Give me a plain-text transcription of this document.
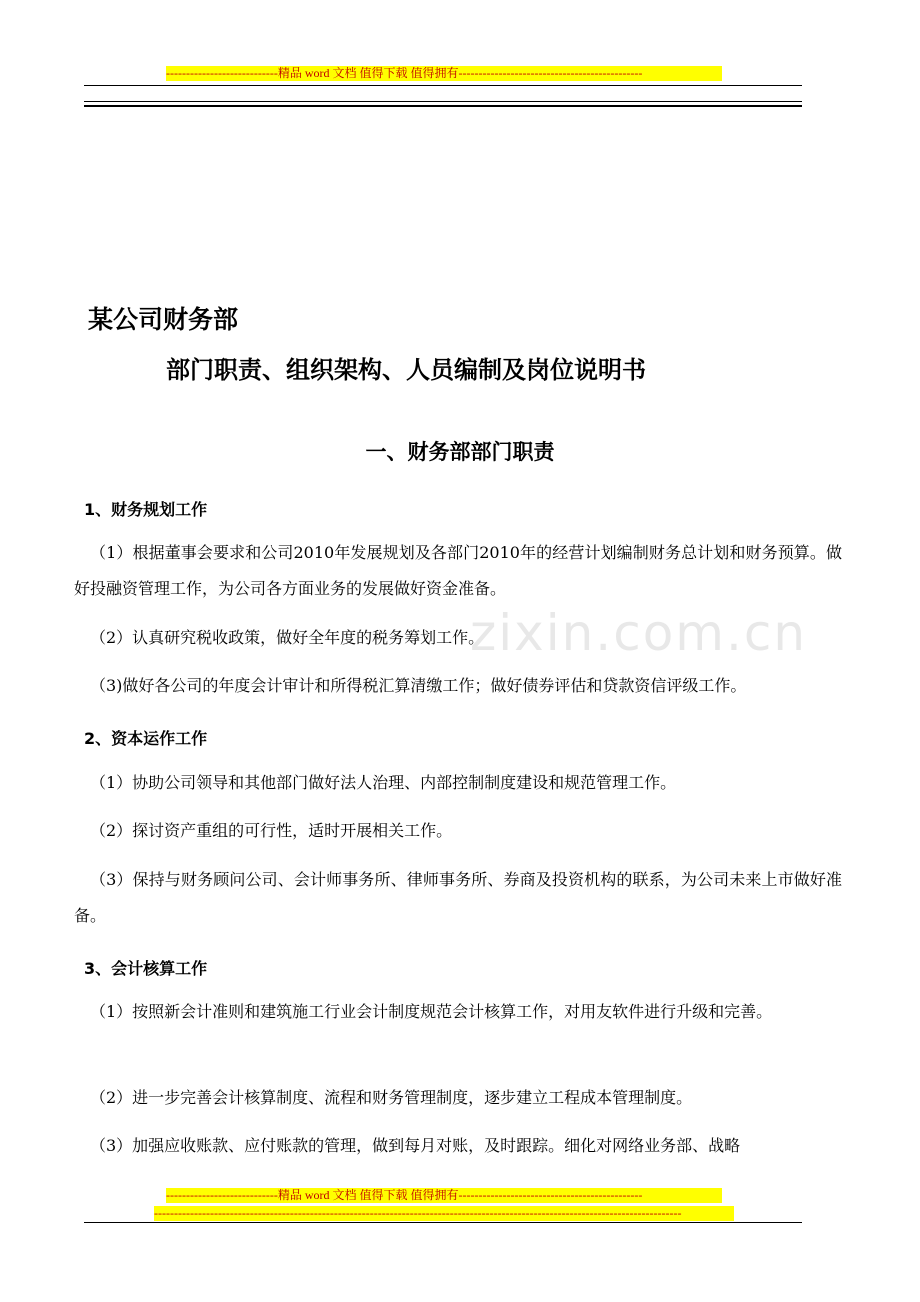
----------------------------精品 word 文档 值得下载 值得拥有----------------------------------------------
zixin.com.cn
某公司财务部
部门职责、组织架构、人员编制及岗位说明书
一、财务部部门职责
1、财务规划工作

（1）根据董事会要求和公司2010年发展规划及各部门2010年的经营计划编制财务总计划和财务预算。做好投融资管理工作，为公司各方面业务的发展做好资金准备。

（2）认真研究税收政策，做好全年度的税务筹划工作。

（3)做好各公司的年度会计审计和所得税汇算清缴工作；做好债券评估和贷款资信评级工作。

2、资本运作工作

（1）协助公司领导和其他部门做好法人治理、内部控制制度建设和规范管理工作。

（2）探讨资产重组的可行性，适时开展相关工作。

（3）保持与财务顾问公司、会计师事务所、律师事务所、券商及投资机构的联系，为公司未来上市做好准备。

3、会计核算工作

（1）按照新会计准则和建筑施工行业会计制度规范会计核算工作，对用友软件进行升级和完善。

（2）进一步完善会计核算制度、流程和财务管理制度，逐步建立工程成本管理制度。

（3）加强应收账款、应付账款的管理，做到每月对账，及时跟踪。细化对网络业务部、战略

----------------------------精品 word 文档 值得下载 值得拥有----------------------------------------------
------------------------------------------------------------------------------------------------------------------------------------
